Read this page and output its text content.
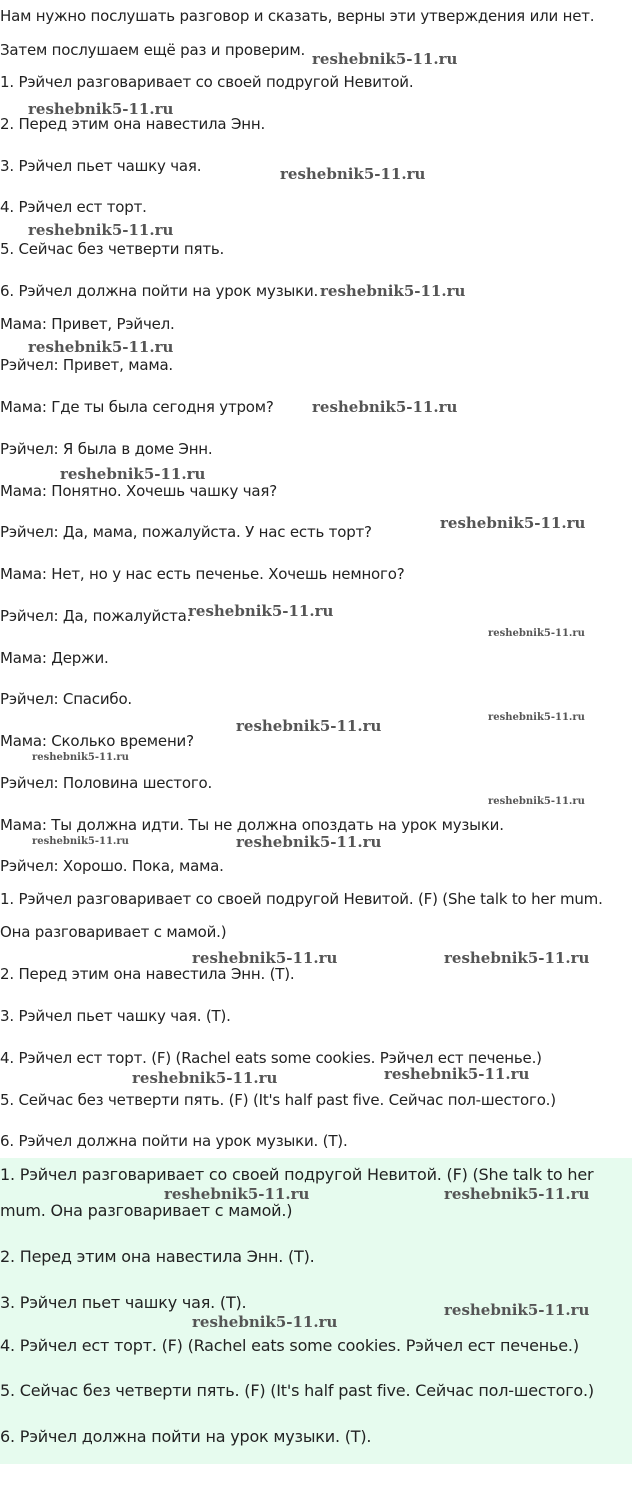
Нам нужно послушать разговор и сказать, верны эти утверждения или нет.

Затем послушаем ещё раз и проверим.

1. Рэйчел разговаривает со своей подругой Невитой.

2. Перед этим она навестила Энн.

3. Рэйчел пьет чашку чая.

4. Рэйчел ест торт.

5. Сейчас без четверти пять.

6. Рэйчел должна пойти на урок музыки.

Мама: Привет, Рэйчел.

Рэйчел: Привет, мама.

Мама: Где ты была сегодня утром?

Рэйчел: Я была в доме Энн.

Мама: Понятно. Хочешь чашку чая?

Рэйчел: Да, мама, пожалуйста. У нас есть торт?

Мама: Нет, но у нас есть печенье. Хочешь немного?

Рэйчел: Да, пожалуйста.

Мама: Держи.

Рэйчел: Спасибо.

Мама: Сколько времени?

Рэйчел: Половина шестого.

Мама: Ты должна идти. Ты не должна опоздать на урок музыки.

Рэйчел: Хорошо. Пока, мама.

1. Рэйчел разговаривает со своей подругой Невитой. (F) (She talk to her mum.

Она разговаривает с мамой.)

2. Перед этим она навестила Энн. (T).

3. Рэйчел пьет чашку чая. (T).

4. Рэйчел ест торт. (F) (Rachel eats some cookies. Рэйчел ест печенье.)

5. Сейчас без четверти пять. (F) (It's half past five. Сейчас пол-шестого.)

6. Рэйчел должна пойти на урок музыки. (T).

1. Рэйчел разговаривает со своей подругой Невитой. (F) (She talk to her

mum. Она разговаривает с мамой.)

2. Перед этим она навестила Энн. (T).

3. Рэйчел пьет чашку чая. (T).

4. Рэйчел ест торт. (F) (Rachel eats some cookies. Рэйчел ест печенье.)

5. Сейчас без четверти пять. (F) (It's half past five. Сейчас пол-шестого.)

6. Рэйчел должна пойти на урок музыки. (T).

reshebnik5-11.ru
reshebnik5-11.ru
reshebnik5-11.ru
reshebnik5-11.ru
reshebnik5-11.ru
reshebnik5-11.ru
reshebnik5-11.ru
reshebnik5-11.ru
reshebnik5-11.ru
reshebnik5-11.ru
reshebnik5-11.ru
reshebnik5-11.ru
reshebnik5-11.ru
reshebnik5-11.ru
reshebnik5-11.ru
reshebnik5-11.ru	reshebnik5-11.ru
reshebnik5-11.ru	reshebnik5-11.ru
reshebnik5-11.ru	reshebnik5-11.ru
reshebnik5-11.ru	reshebnik5-11.ru
reshebnik5-11.ru
reshebnik5-11.ru
